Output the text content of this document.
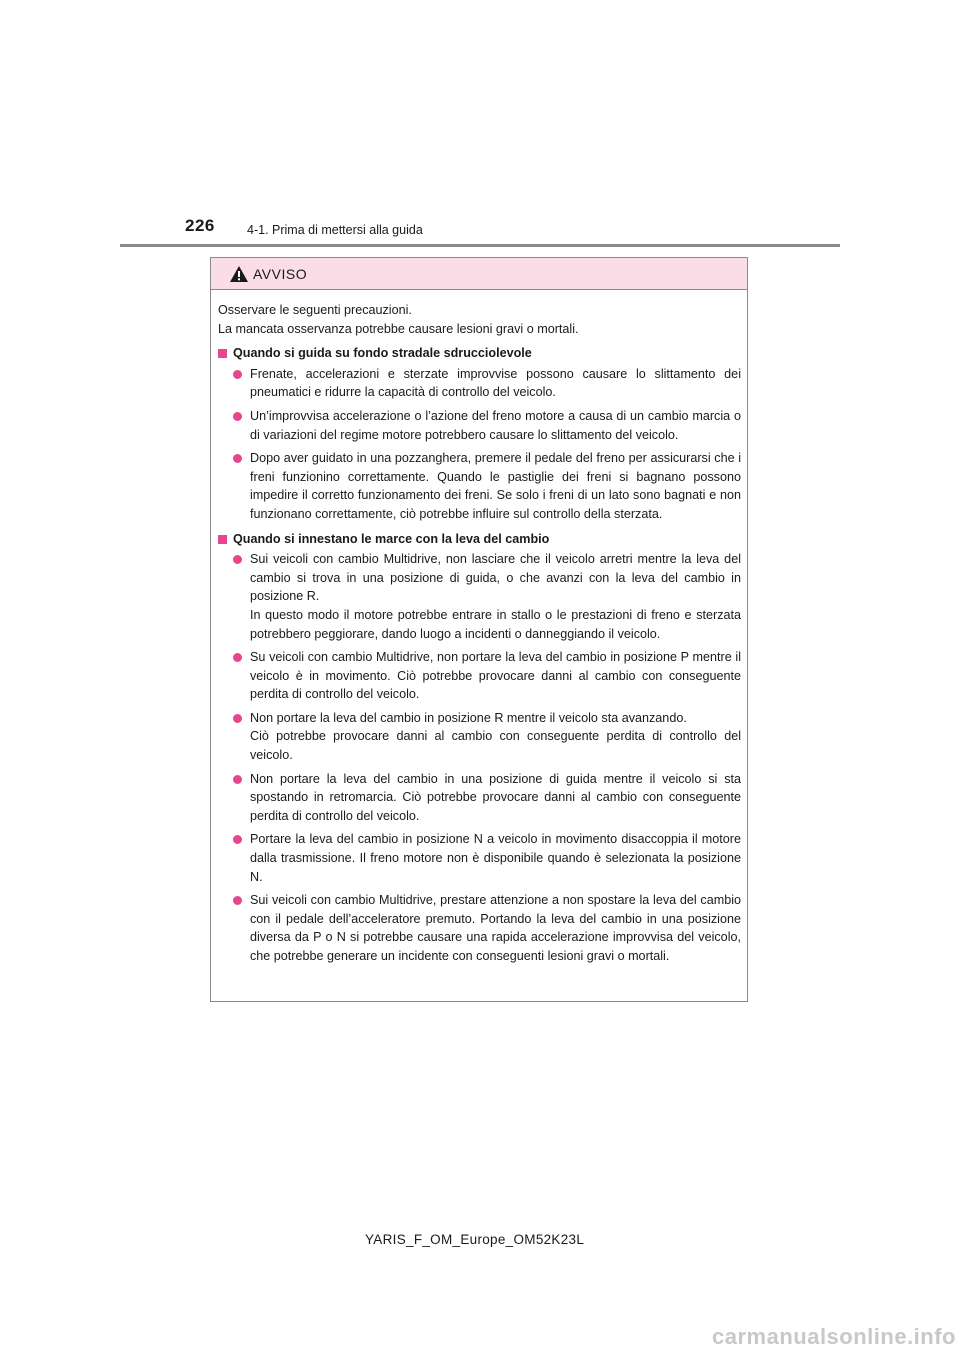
226	4-1. Prima di mettersi alla guida
AVVISO

Osservare le seguenti precauzioni.

La mancata osservanza potrebbe causare lesioni gravi o mortali.

Quando si guida su fondo stradale sdrucciolevole
Frenate, accelerazioni e sterzate improvvise possono causare lo slittamento dei pneumatici e ridurre la capacità di controllo del veicolo.
Un’improvvisa accelerazione o l’azione del freno motore a causa di un cambio marcia o di variazioni del regime motore potrebbero causare lo slittamento del veicolo.
Dopo aver guidato in una pozzanghera, premere il pedale del freno per assicurarsi che i freni funzionino correttamente. Quando le pastiglie dei freni si bagnano possono impedire il corretto funzionamento dei freni. Se solo i freni di un lato sono bagnati e non funzionano correttamente, ciò potrebbe influire sul controllo della sterzata.
Quando si innestano le marce con la leva del cambio
Sui veicoli con cambio Multidrive, non lasciare che il veicolo arretri mentre la leva del cambio si trova in una posizione di guida, o che avanzi con la leva del cambio in posizione R.
In questo modo il motore potrebbe entrare in stallo o le prestazioni di freno e sterzata potrebbero peggiorare, dando luogo a incidenti o danneggiando il veicolo.
Su veicoli con cambio Multidrive, non portare la leva del cambio in posizione P mentre il veicolo è in movimento. Ciò potrebbe provocare danni al cambio con conseguente perdita di controllo del veicolo.
Non portare la leva del cambio in posizione R mentre il veicolo sta avanzando.
Ciò potrebbe provocare danni al cambio con conseguente perdita di controllo del veicolo.
Non portare la leva del cambio in una posizione di guida mentre il veicolo si sta spostando in retromarcia. Ciò potrebbe provocare danni al cambio con conseguente perdita di controllo del veicolo.
Portare la leva del cambio in posizione N a veicolo in movimento disaccoppia il motore dalla trasmissione. Il freno motore non è disponibile quando è selezionata la posizione N.
Sui veicoli con cambio Multidrive, prestare attenzione a non spostare la leva del cambio con il pedale dell’acceleratore premuto. Portando la leva del cambio in una posizione diversa da P o N si potrebbe causare una rapida accelerazione improvvisa del veicolo, che potrebbe generare un incidente con conseguenti lesioni gravi o mortali.
YARIS_F_OM_Europe_OM52K23L
carmanualsonline.info
